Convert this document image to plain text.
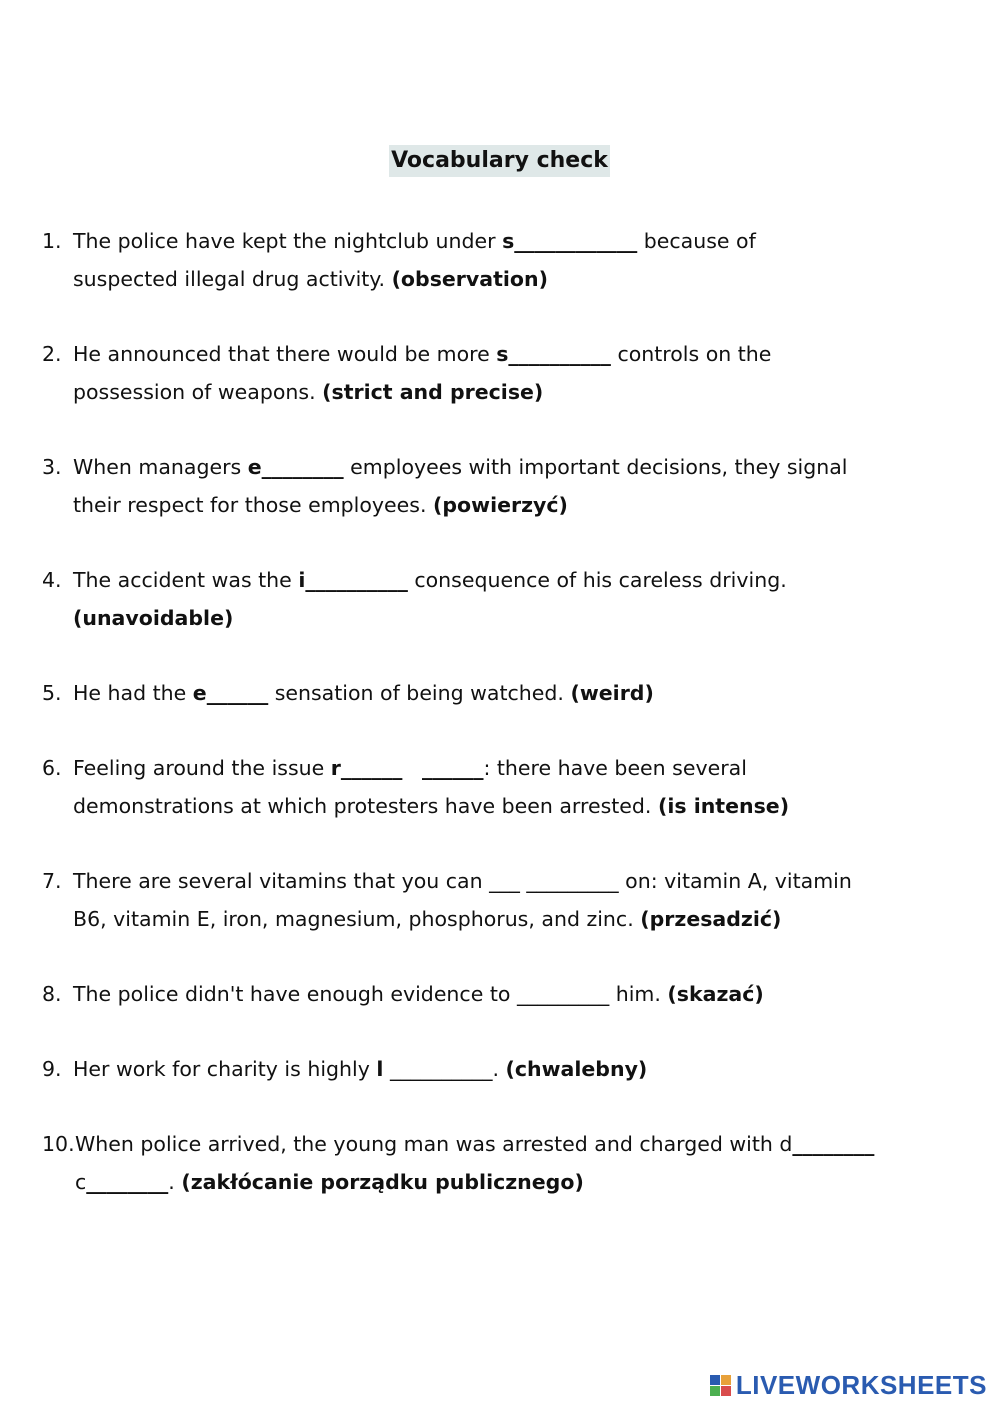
Vocabulary check
1. The police have kept the nightclub under s____________ because of
suspected illegal drug activity. (observation)
2. He announced that there would be more s__________ controls on the
possession of weapons. (strict and precise)
3. When managers e________ employees with important decisions, they signal
their respect for those employees. (powierzyć)
4. The accident was the i__________ consequence of his careless driving.
(unavoidable)
5. He had the e______ sensation of being watched. (weird)
6. Feeling around the issue r______ ______: there have been several
demonstrations at which protesters have been arrested. (is intense)
7. There are several vitamins that you can ___ _________ on: vitamin A, vitamin
B6, vitamin E, iron, magnesium, phosphorus, and zinc. (przesadzić)
8. The police didn't have enough evidence to _________ him. (skazać)
9. Her work for charity is highly l __________. (chwalebny)
10. When police arrived, the young man was arrested and charged with d________
c________. (zakłócanie porządku publicznego)
LIVEWORKSHEETS
